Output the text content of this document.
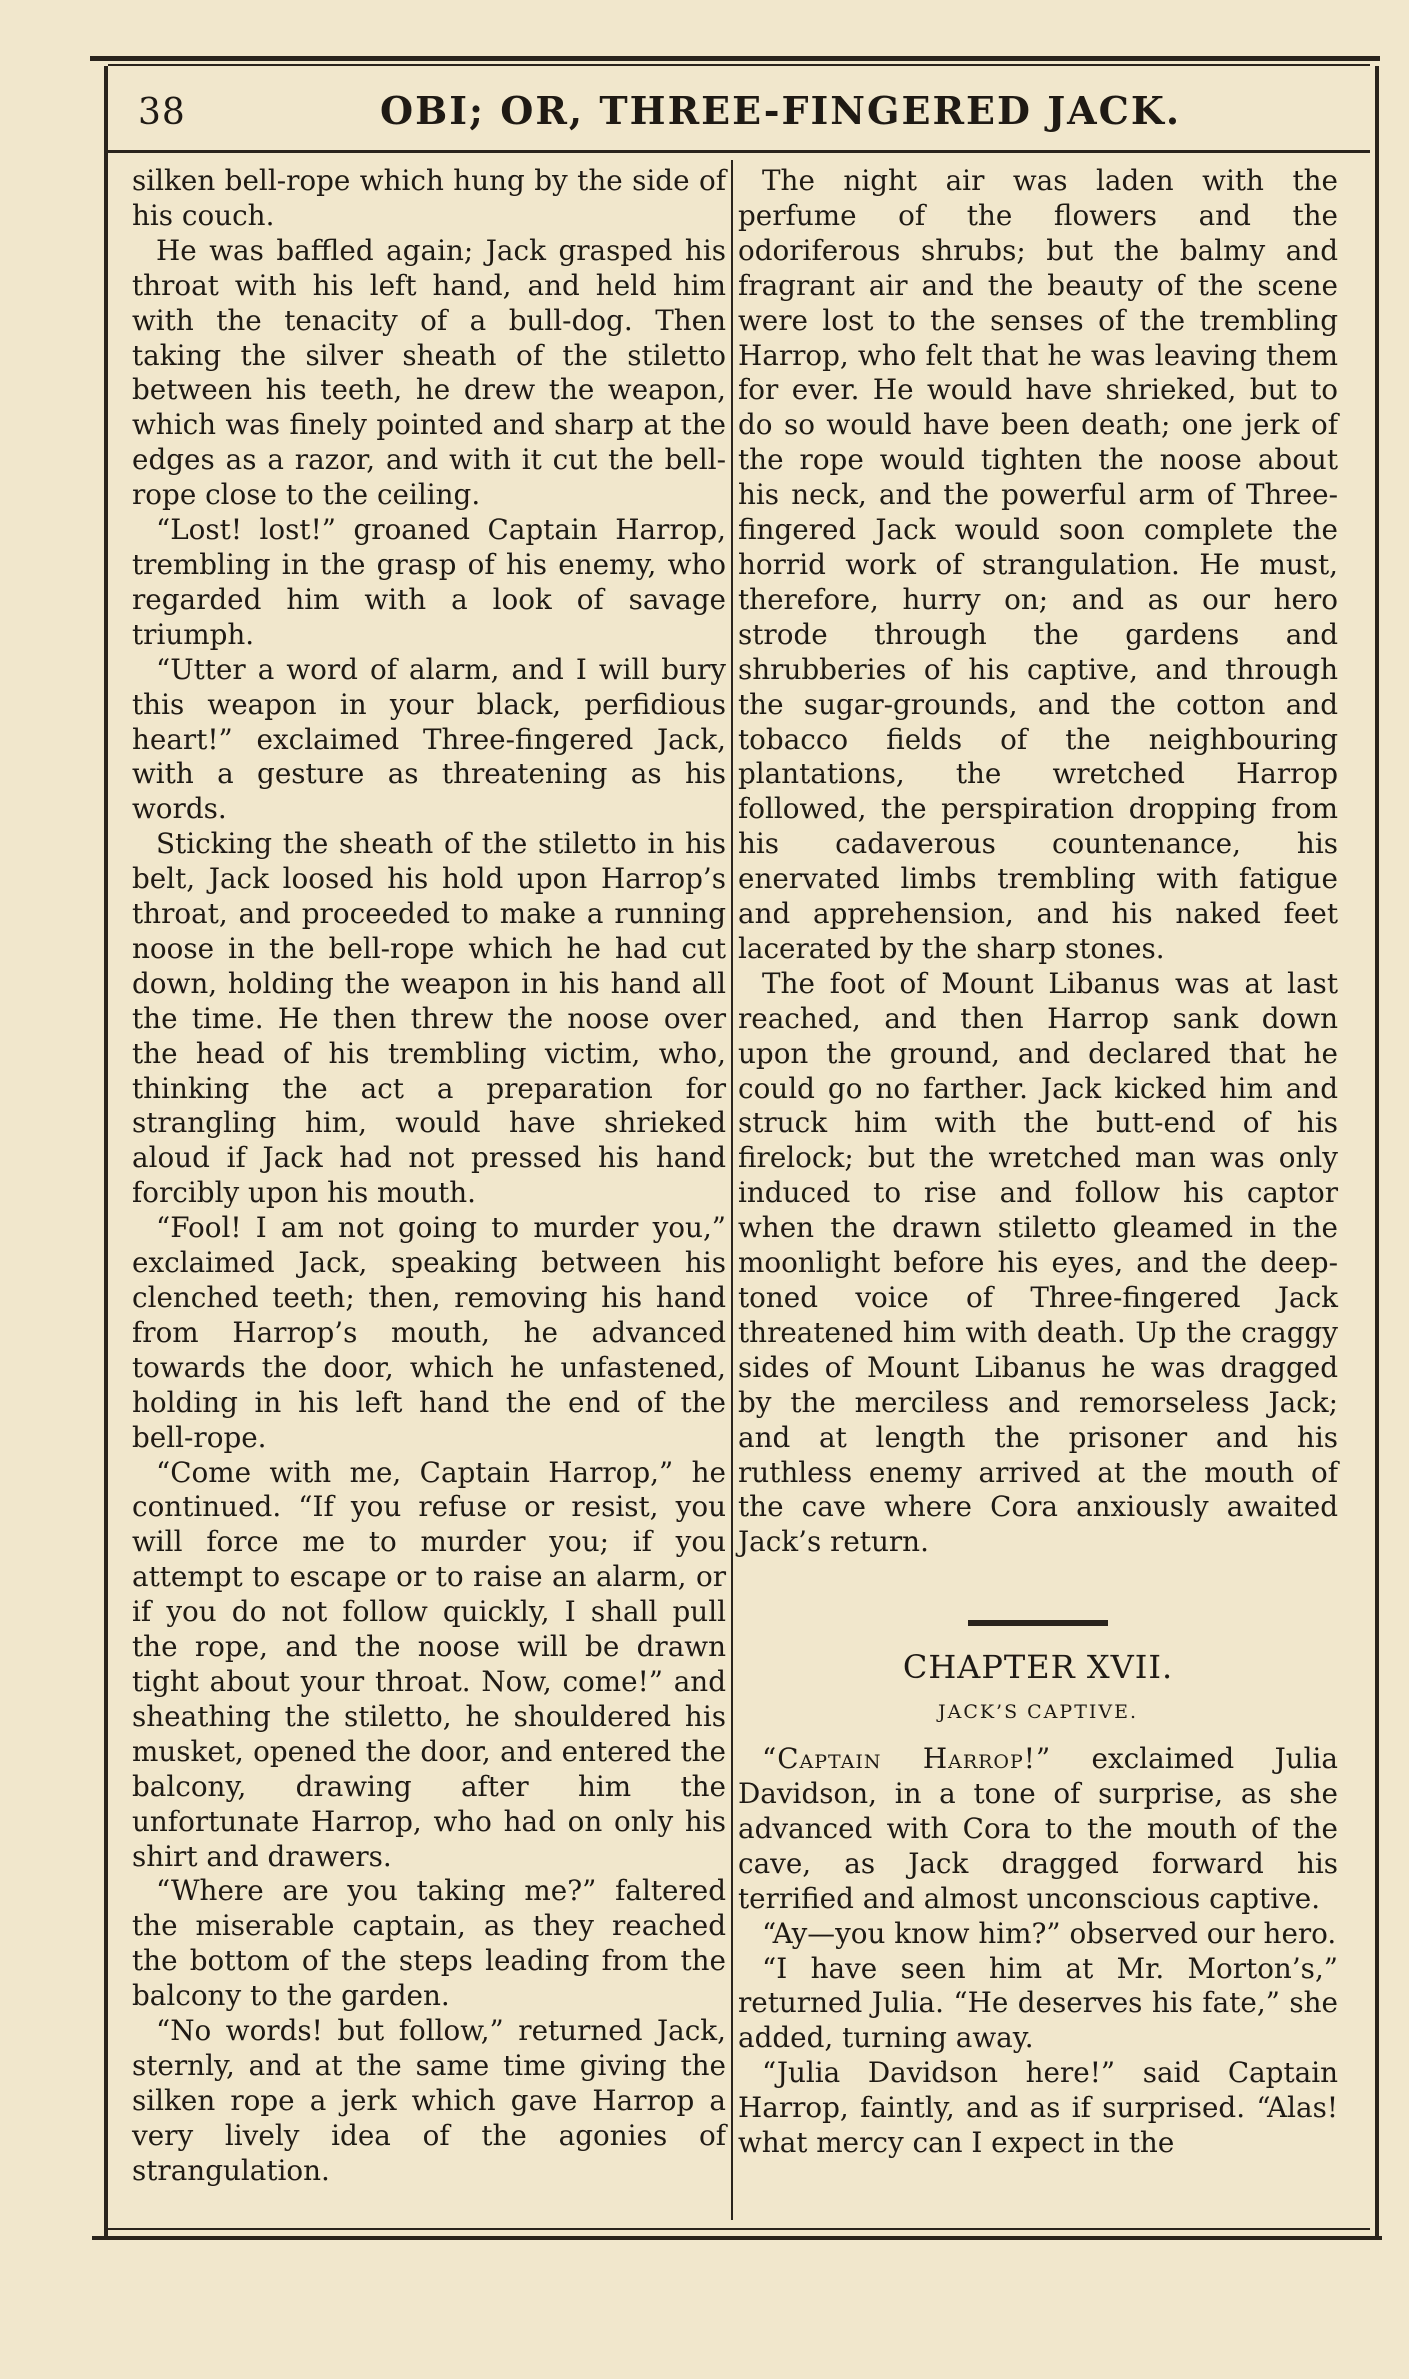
38	OBI; OR, THREE-FINGERED JACK.

silken bell-rope which hung by the side of his couch.

He was baffled again; Jack grasped his throat with his left hand, and held him with the tenacity of a bull-dog. Then taking the silver sheath of the stiletto between his teeth, he drew the weapon, which was finely pointed and sharp at the edges as a razor, and with it cut the bell-rope close to the ceiling.

“Lost! lost!” groaned Captain Harrop, trembling in the grasp of his enemy, who regarded him with a look of savage triumph.

“Utter a word of alarm, and I will bury this weapon in your black, perfidious heart!” exclaimed Three-fingered Jack, with a gesture as threatening as his words.

Sticking the sheath of the stiletto in his belt, Jack loosed his hold upon Harrop’s throat, and proceeded to make a running noose in the bell-rope which he had cut down, holding the weapon in his hand all the time. He then threw the noose over the head of his trembling victim, who, thinking the act a preparation for strangling him, would have shrieked aloud if Jack had not pressed his hand forcibly upon his mouth.

“Fool! I am not going to murder you,” exclaimed Jack, speaking between his clenched teeth; then, removing his hand from Harrop’s mouth, he advanced towards the door, which he unfastened, holding in his left hand the end of the bell-rope.

“Come with me, Captain Harrop,” he continued. “If you refuse or resist, you will force me to murder you; if you attempt to escape or to raise an alarm, or if you do not follow quickly, I shall pull the rope, and the noose will be drawn tight about your throat. Now, come!” and sheathing the stiletto, he shouldered his musket, opened the door, and entered the balcony, drawing after him the unfortunate Harrop, who had on only his shirt and drawers.

“Where are you taking me?” faltered the miserable captain, as they reached the bottom of the steps leading from the balcony to the garden.

“No words! but follow,” returned Jack, sternly, and at the same time giving the silken rope a jerk which gave Harrop a very lively idea of the agonies of strangulation.

The night air was laden with the perfume of the flowers and the odoriferous shrubs; but the balmy and fragrant air and the beauty of the scene were lost to the senses of the trembling Harrop, who felt that he was leaving them for ever. He would have shrieked, but to do so would have been death; one jerk of the rope would tighten the noose about his neck, and the powerful arm of Three-fingered Jack would soon complete the horrid work of strangulation. He must, therefore, hurry on; and as our hero strode through the gardens and shrubberies of his captive, and through the sugar-grounds, and the cotton and tobacco fields of the neighbouring plantations, the wretched Harrop followed, the perspiration dropping from his cadaverous countenance, his enervated limbs trembling with fatigue and apprehension, and his naked feet lacerated by the sharp stones.

The foot of Mount Libanus was at last reached, and then Harrop sank down upon the ground, and declared that he could go no farther. Jack kicked him and struck him with the butt-end of his firelock; but the wretched man was only induced to rise and follow his captor when the drawn stiletto gleamed in the moonlight before his eyes, and the deep-toned voice of Three-fingered Jack threatened him with death. Up the craggy sides of Mount Libanus he was dragged by the merciless and remorseless Jack; and at length the prisoner and his ruthless enemy arrived at the mouth of the cave where Cora anxiously awaited Jack’s return.

CHAPTER XVII.
JACK’S CAPTIVE.

“Captain Harrop!” exclaimed Julia Davidson, in a tone of surprise, as she advanced with Cora to the mouth of the cave, as Jack dragged forward his terrified and almost unconscious captive.

“Ay—you know him?” observed our hero.

“I have seen him at Mr. Morton’s,” returned Julia. “He deserves his fate,” she added, turning away.

“Julia Davidson here!” said Captain Harrop, faintly, and as if surprised. “Alas! what mercy can I expect in the
